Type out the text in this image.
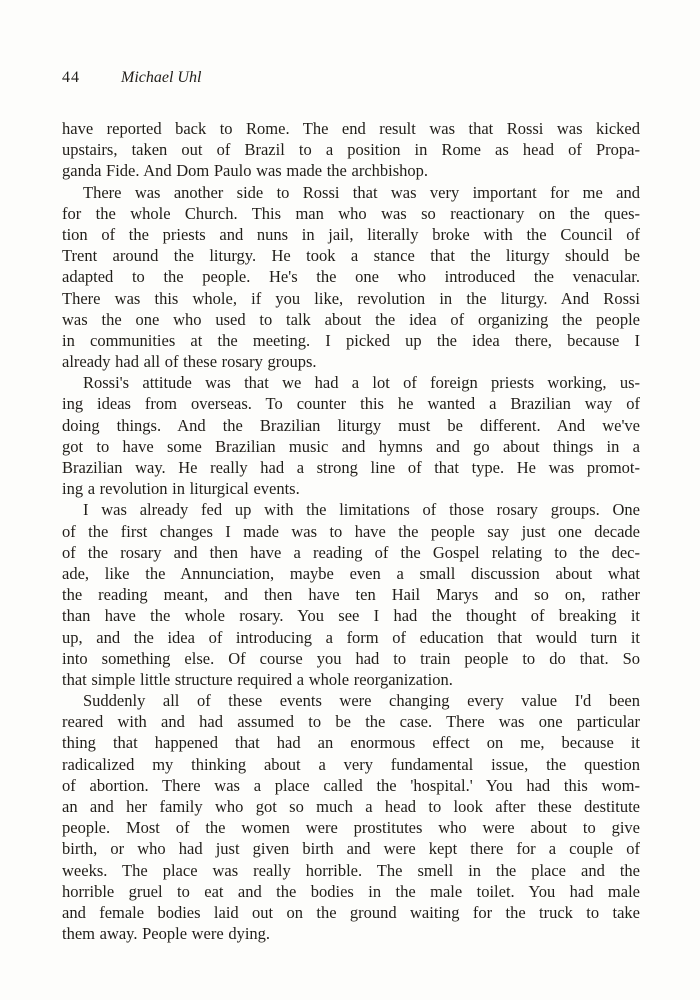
44	Michael Uhl
have reported back to Rome. The end result was that Rossi was kicked
upstairs, taken out of Brazil to a position in Rome as head of Propa-
ganda Fide. And Dom Paulo was made the archbishop.
There was another side to Rossi that was very important for me and
for the whole Church. This man who was so reactionary on the ques-
tion of the priests and nuns in jail, literally broke with the Council of
Trent around the liturgy. He took a stance that the liturgy should be
adapted to the people. He's the one who introduced the venacular.
There was this whole, if you like, revolution in the liturgy. And Rossi
was the one who used to talk about the idea of organizing the people
in communities at the meeting. I picked up the idea there, because I
already had all of these rosary groups.
Rossi's attitude was that we had a lot of foreign priests working, us-
ing ideas from overseas. To counter this he wanted a Brazilian way of
doing things. And the Brazilian liturgy must be different. And we've
got to have some Brazilian music and hymns and go about things in a
Brazilian way. He really had a strong line of that type. He was promot-
ing a revolution in liturgical events.
I was already fed up with the limitations of those rosary groups. One
of the first changes I made was to have the people say just one decade
of the rosary and then have a reading of the Gospel relating to the dec-
ade, like the Annunciation, maybe even a small discussion about what
the reading meant, and then have ten Hail Marys and so on, rather
than have the whole rosary. You see I had the thought of breaking it
up, and the idea of introducing a form of education that would turn it
into something else. Of course you had to train people to do that. So
that simple little structure required a whole reorganization.
Suddenly all of these events were changing every value I'd been
reared with and had assumed to be the case. There was one particular
thing that happened that had an enormous effect on me, because it
radicalized my thinking about a very fundamental issue, the question
of abortion. There was a place called the 'hospital.' You had this wom-
an and her family who got so much a head to look after these destitute
people. Most of the women were prostitutes who were about to give
birth, or who had just given birth and were kept there for a couple of
weeks. The place was really horrible. The smell in the place and the
horrible gruel to eat and the bodies in the male toilet. You had male
and female bodies laid out on the ground waiting for the truck to take
them away. People were dying.
